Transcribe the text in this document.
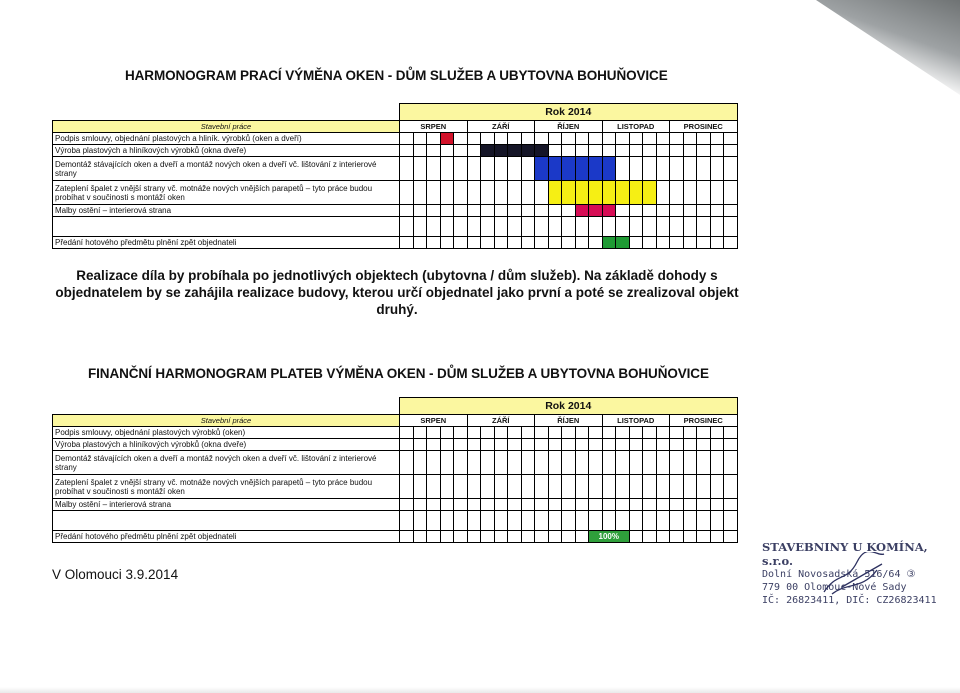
HARMONOGRAM PRACÍ VÝMĚNA OKEN - DŮM SLUŽEB A UBYTOVNA BOHUŇOVICE
	Rok 2014																								
Stavební práce	SRPEN					ZÁŘÍ					ŘÍJEN					LISTOPAD					PROSINEC				
Podpis smlouvy, objednání plastových a hliník. výrobků (oken a dveří)																									
Výroba plastových a hliníkových výrobků (okna dveře)																									
Demontáž stávajících oken a dveří a montáž nových oken a dveří vč. lištování z interierové strany																									
Zateplení špalet z vnější strany vč. motnáže nových vnějších parapetů – tyto práce budou probíhat v součinosti s montáží oken																									
Malby ostění – interierová strana																									

Předání hotového předmětu plnění zpět objednateli																									
Realizace díla by probíhala po jednotlivých objektech (ubytovna / dům služeb). Na základě dohody s objednatelem by se zahájila realizace budovy, kterou určí objednatel jako první a poté se zrealizoval objekt druhý.
FINANČNÍ HARMONOGRAM PLATEB VÝMĚNA OKEN - DŮM SLUŽEB A UBYTOVNA BOHUŇOVICE
	Rok 2014																								
Stavební práce	SRPEN					ZÁŘÍ					ŘÍJEN					LISTOPAD					PROSINEC				
Podpis smlouvy, objednání plastových výrobků (oken)																									
Výroba plastových a hliníkových výrobků (okna dveře)																									
Demontáž stávajících oken a dveří a montáž nových oken a dveří vč. lištování z interierové strany																									
Zateplení špalet z vnější strany vč. motnáže nových vnějších parapetů – tyto práce budou probíhat v součinosti s montáží oken																									
Malby ostění – interierová strana																									

Předání hotového předmětu plnění zpět objednateli															100%										
V Olomouci 3.9.2014
STAVEBNINY U KOMÍNA, s.r.o.
Dolní Novosadská 516/64 ③
779 00 Olomouc-Nové Sady
IČ: 26823411, DIČ: CZ26823411
